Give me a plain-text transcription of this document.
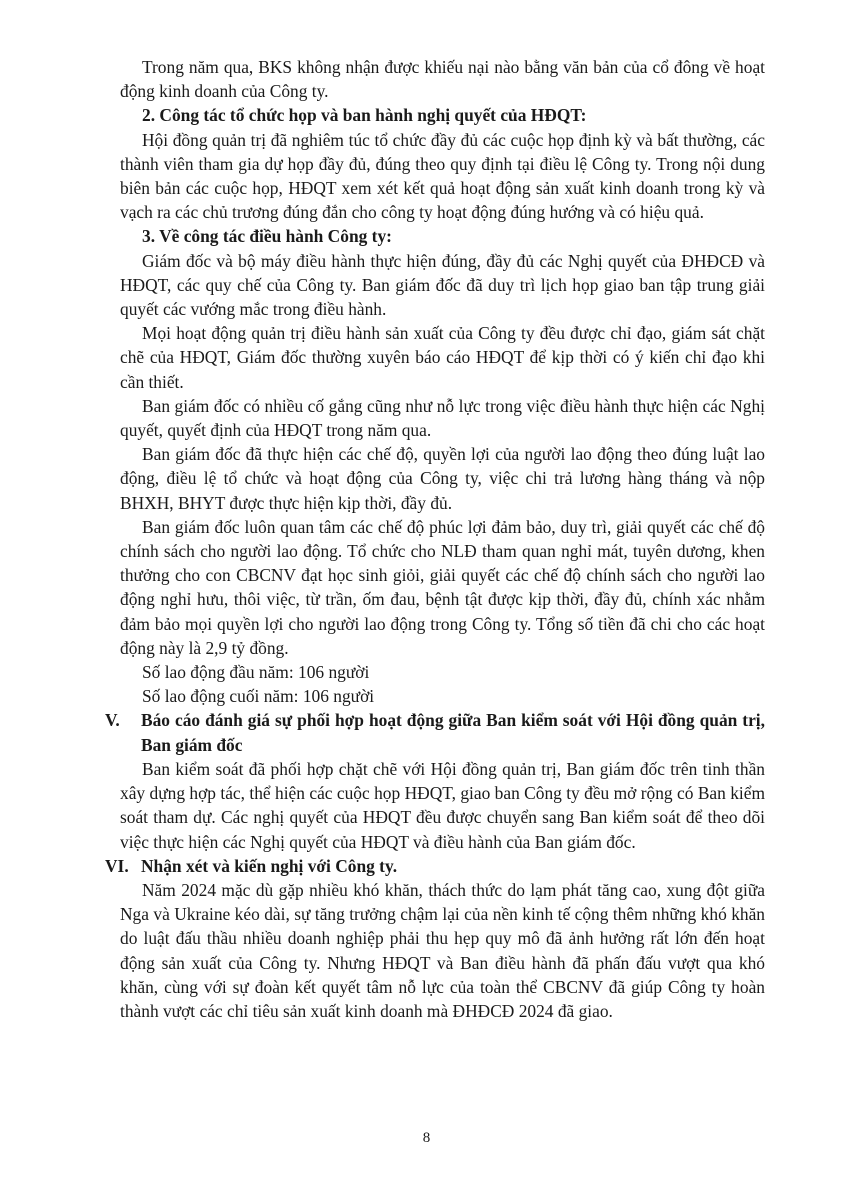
Trong năm qua, BKS không nhận được khiếu nại nào bằng văn bản của cổ đông về hoạt động kinh doanh của Công ty.

2. Công tác tổ chức họp và ban hành nghị quyết của HĐQT:

Hội đồng quản trị đã nghiêm túc tổ chức đầy đủ các cuộc họp định kỳ và bất thường, các thành viên tham gia dự họp đầy đủ, đúng theo quy định tại điều lệ Công ty. Trong nội dung biên bản các cuộc họp, HĐQT xem xét kết quả hoạt động sản xuất kinh doanh trong kỳ và vạch ra các chủ trương đúng đắn cho công ty hoạt động đúng hướng và có hiệu quả.

3. Về công tác điều hành Công ty:

Giám đốc và bộ máy điều hành thực hiện đúng, đầy đủ các Nghị quyết của ĐHĐCĐ và HĐQT, các quy chế của Công ty. Ban giám đốc đã duy trì lịch họp giao ban tập trung giải quyết các vướng mắc trong điều hành.

Mọi hoạt động quản trị điều hành sản xuất của Công ty đều được chỉ đạo, giám sát chặt chẽ của HĐQT, Giám đốc thường xuyên báo cáo HĐQT để kịp thời có ý kiến chỉ đạo khi cần thiết.

Ban giám đốc có nhiều cố gắng cũng như nỗ lực trong việc điều hành thực hiện các Nghị quyết, quyết định của HĐQT trong năm qua.

Ban giám đốc đã thực hiện các chế độ, quyền lợi của người lao động theo đúng luật lao động, điều lệ tổ chức và hoạt động của Công ty, việc chi trả lương hàng tháng và nộp BHXH, BHYT được thực hiện kịp thời, đầy đủ.

Ban giám đốc luôn quan tâm các chế độ phúc lợi đảm bảo, duy trì, giải quyết các chế độ chính sách cho người lao động. Tổ chức cho NLĐ tham quan nghỉ mát, tuyên dương, khen thưởng cho con CBCNV đạt học sinh giỏi, giải quyết các chế độ chính sách cho người lao động nghỉ hưu, thôi việc, từ trần, ốm đau, bệnh tật được kịp thời, đầy đủ, chính xác nhằm đảm bảo mọi quyền lợi cho người lao động trong Công ty. Tổng số tiền đã chi cho các hoạt động này là 2,9 tỷ đồng.

Số lao động đầu năm: 106 người

Số lao động cuối năm: 106 người

V.	Báo cáo đánh giá sự phối hợp hoạt động giữa Ban kiểm soát với Hội đồng quản trị, Ban giám đốc

Ban kiểm soát đã phối hợp chặt chẽ với Hội đồng quản trị, Ban giám đốc trên tinh thần xây dựng hợp tác, thể hiện các cuộc họp HĐQT, giao ban Công ty đều mở rộng có Ban kiểm soát tham dự. Các nghị quyết của HĐQT đều được chuyển sang Ban kiểm soát để theo dõi việc thực hiện các Nghị quyết của HĐQT và điều hành của Ban giám đốc.

VI. Nhận xét và kiến nghị với Công ty.

Năm 2024 mặc dù gặp nhiều khó khăn, thách thức do lạm phát tăng cao, xung đột giữa Nga và Ukraine kéo dài, sự tăng trưởng chậm lại của nền kinh tế cộng thêm những khó khăn do luật đấu thầu nhiều doanh nghiệp phải thu hẹp quy mô đã ảnh hưởng rất lớn đến hoạt động sản xuất của Công ty. Nhưng HĐQT và Ban điều hành đã phấn đấu vượt qua khó khăn, cùng với sự đoàn kết quyết tâm nỗ lực của toàn thể CBCNV đã giúp Công ty hoàn thành vượt các chỉ tiêu sản xuất kinh doanh mà ĐHĐCĐ 2024 đã giao.

8
